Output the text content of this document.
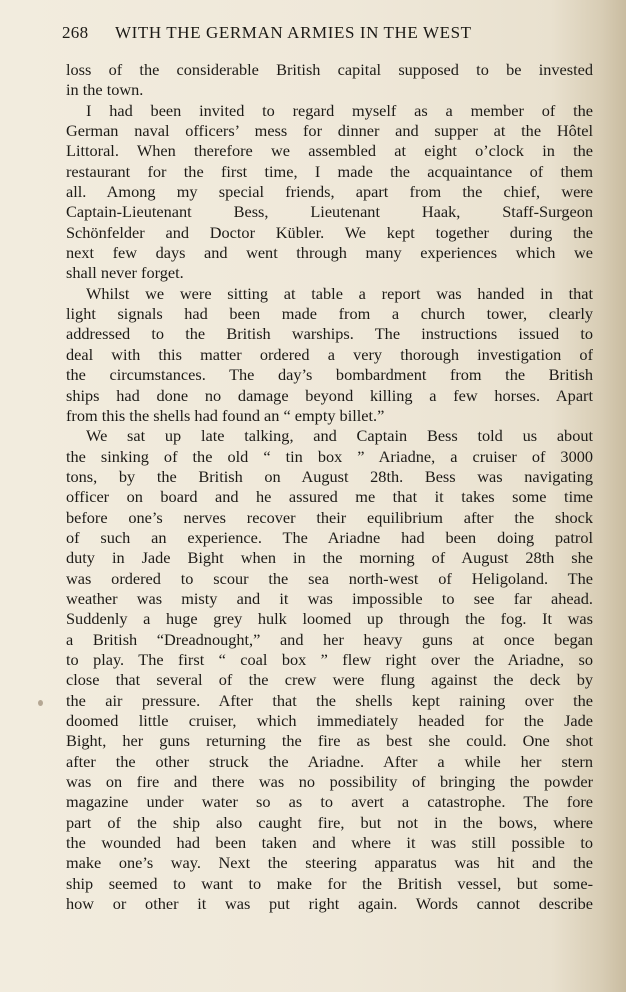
268 WITH THE GERMAN ARMIES IN THE WEST
loss of the considerable British capital supposed to be invested
in the town.
I had been invited to regard myself as a member of the
German naval officers’ mess for dinner and supper at the Hôtel
Littoral. When therefore we assembled at eight o’clock in the
restaurant for the first time, I made the acquaintance of them
all. Among my special friends, apart from the chief, were
Captain-Lieutenant Bess, Lieutenant Haak, Staff-Surgeon
Schönfelder and Doctor Kübler. We kept together during the
next few days and went through many experiences which we
shall never forget.
Whilst we were sitting at table a report was handed in that
light signals had been made from a church tower, clearly
addressed to the British warships. The instructions issued to
deal with this matter ordered a very thorough investigation of
the circumstances. The day’s bombardment from the British
ships had done no damage beyond killing a few horses. Apart
from this the shells had found an “ empty billet.”
We sat up late talking, and Captain Bess told us about
the sinking of the old “ tin box ” Ariadne, a cruiser of 3000
tons, by the British on August 28th. Bess was navigating
officer on board and he assured me that it takes some time
before one’s nerves recover their equilibrium after the shock
of such an experience. The Ariadne had been doing patrol
duty in Jade Bight when in the morning of August 28th she
was ordered to scour the sea north-west of Heligoland. The
weather was misty and it was impossible to see far ahead.
Suddenly a huge grey hulk loomed up through the fog. It was
a British “Dreadnought,” and her heavy guns at once began
to play. The first “ coal box ” flew right over the Ariadne, so
close that several of the crew were flung against the deck by
the air pressure. After that the shells kept raining over the
doomed little cruiser, which immediately headed for the Jade
Bight, her guns returning the fire as best she could. One shot
after the other struck the Ariadne. After a while her stern
was on fire and there was no possibility of bringing the powder
magazine under water so as to avert a catastrophe. The fore
part of the ship also caught fire, but not in the bows, where
the wounded had been taken and where it was still possible to
make one’s way. Next the steering apparatus was hit and the
ship seemed to want to make for the British vessel, but some-
how or other it was put right again. Words cannot describe
